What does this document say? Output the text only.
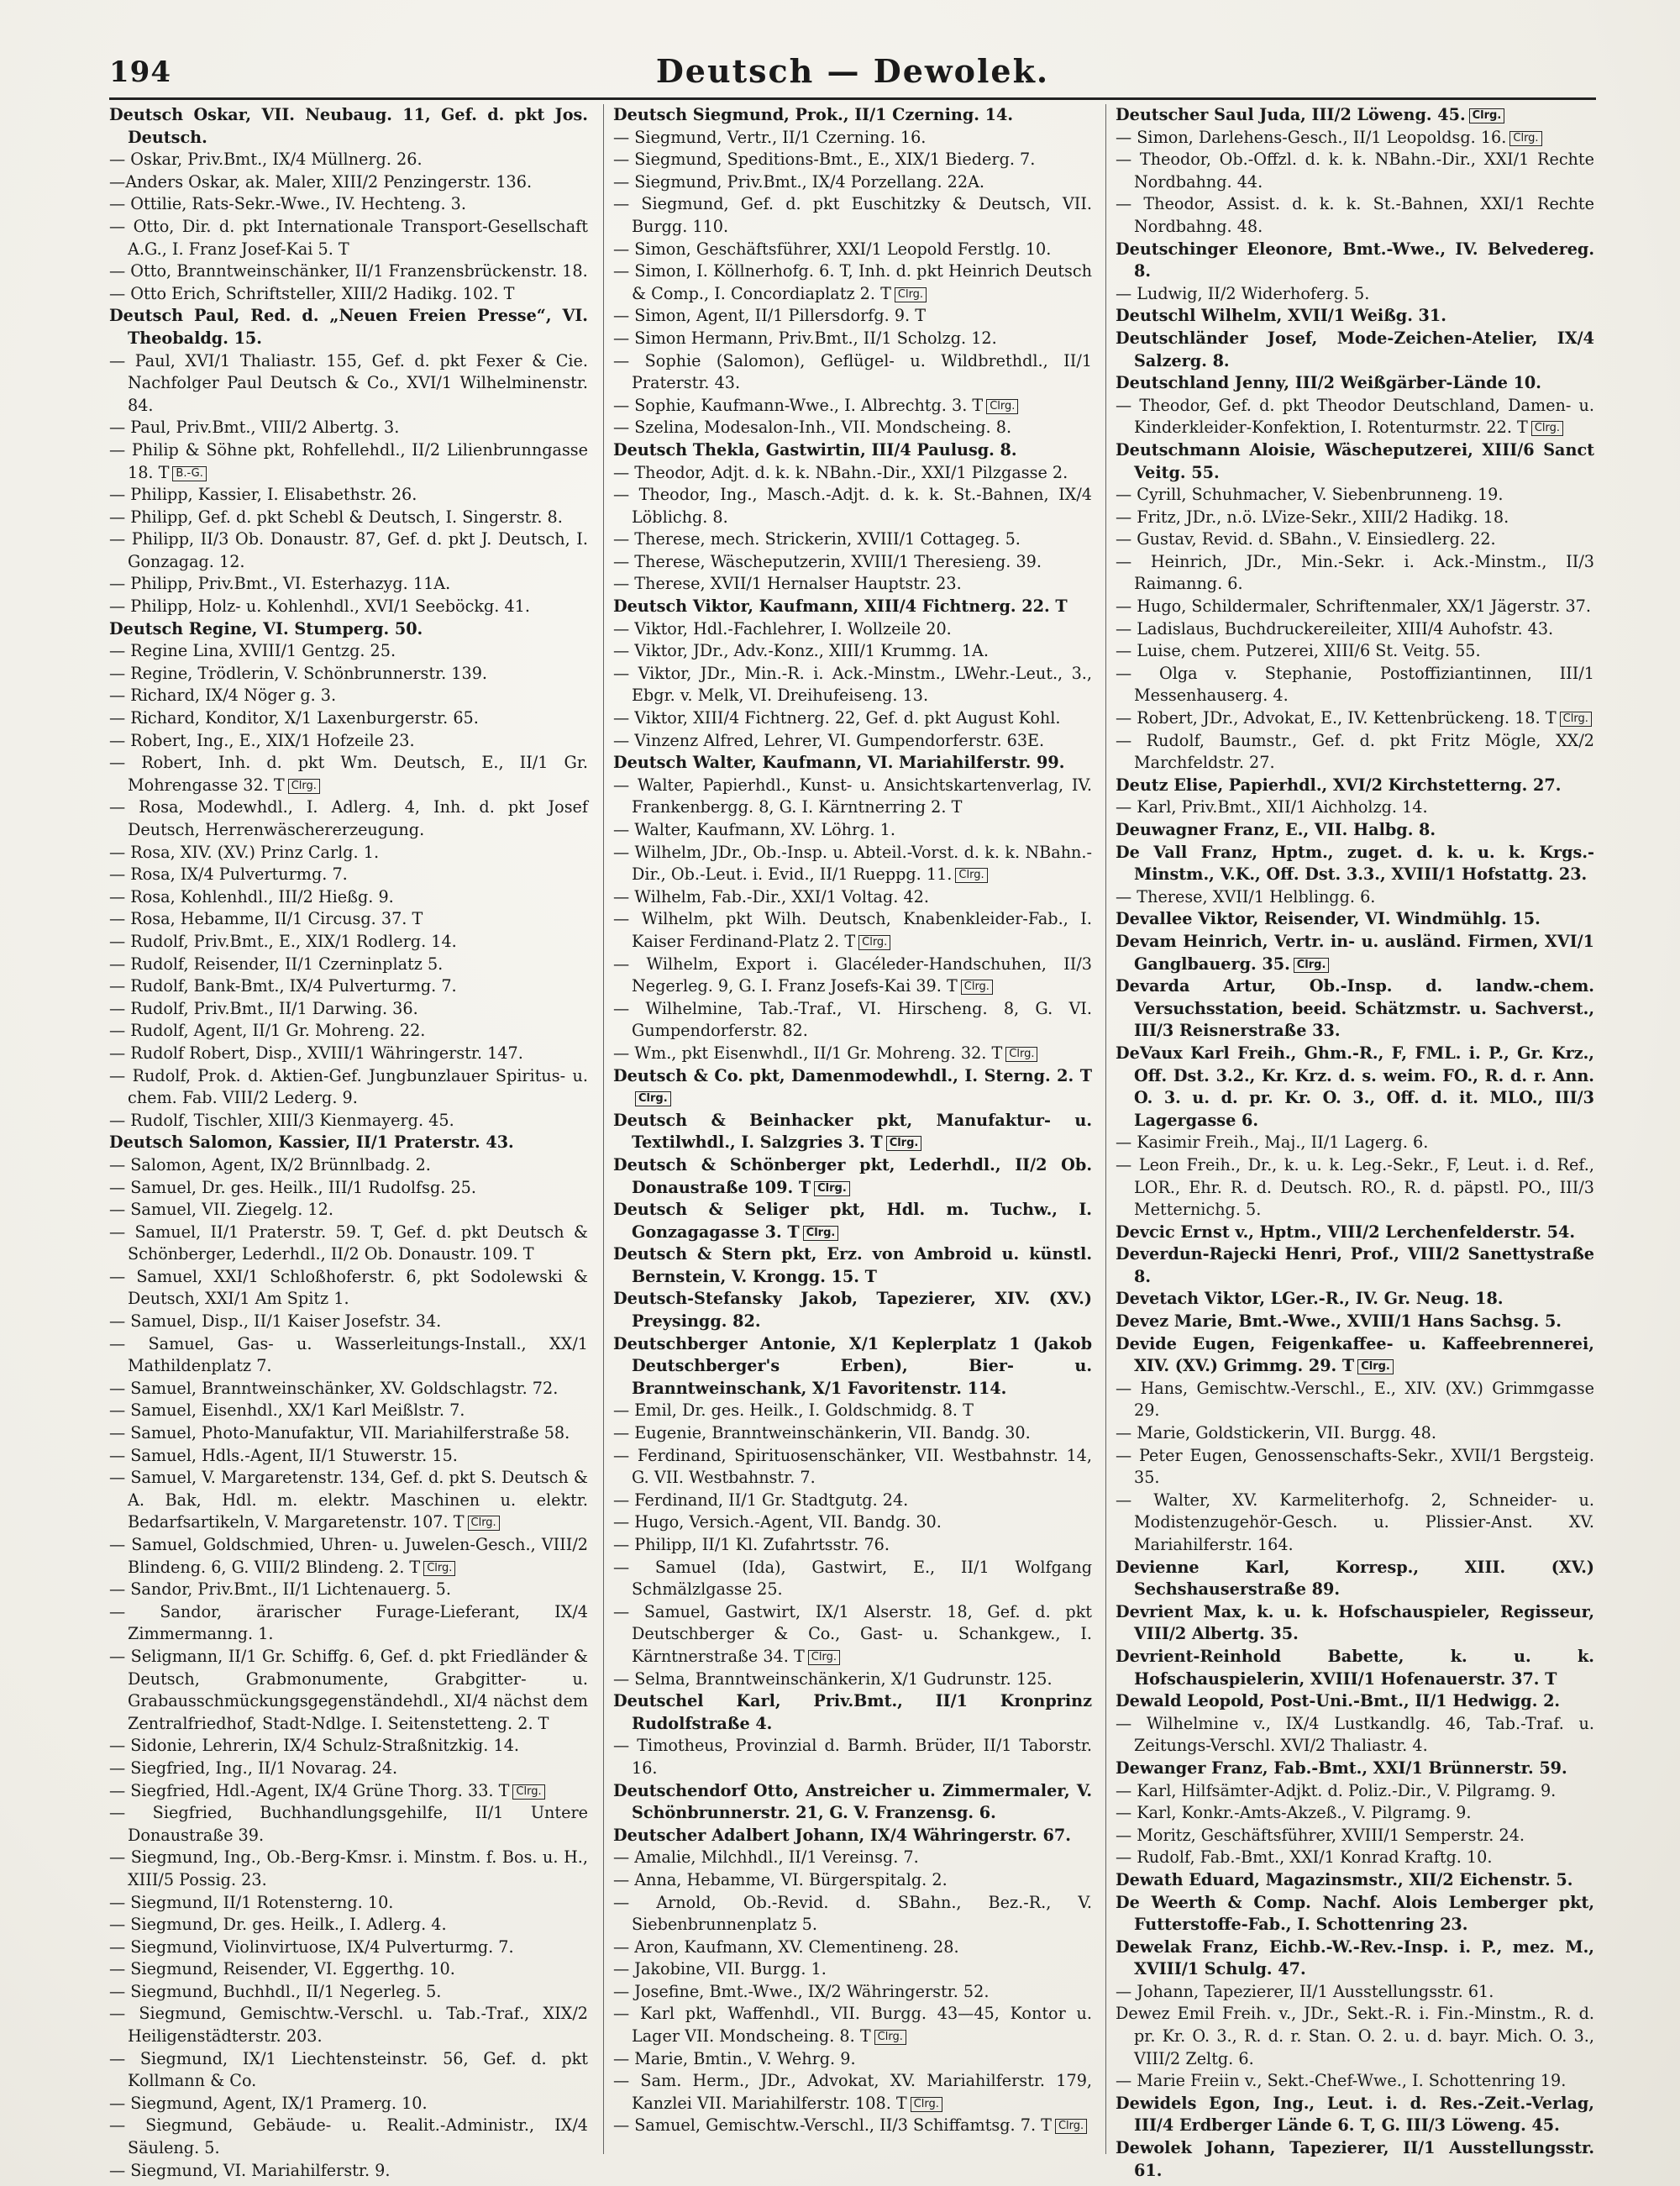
194	Deutsch — Dewolek.

Deutsch Oskar, VII. Neubaug. 11, Gef. d. pkt Jos. Deutsch.

— Oskar, Priv.Bmt., IX/4 Müllnerg. 26.

—Anders Oskar, ak. Maler, XIII/2 Penzingerstr. 136.

— Ottilie, Rats-Sekr.-Wwe., IV. Hechteng. 3.

— Otto, Dir. d. pkt Internationale Transport-Gesellschaft A.G., I. Franz Josef-Kai 5. T

— Otto, Branntweinschänker, II/1 Franzensbrückenstr. 18.

— Otto Erich, Schriftsteller, XIII/2 Hadikg. 102. T

Deutsch Paul, Red. d. „Neuen Freien Presse“, VI. Theobaldg. 15.

— Paul, XVI/1 Thaliastr. 155, Gef. d. pkt Fexer & Cie. Nachfolger Paul Deutsch & Co., XVI/1 Wilhelminenstr. 84.

— Paul, Priv.Bmt., VIII/2 Albertg. 3.

— Philip & Söhne pkt, Rohfellehdl., II/2 Lilienbrunngasse 18. T B.-G.

— Philipp, Kassier, I. Elisabethstr. 26.

— Philipp, Gef. d. pkt Schebl & Deutsch, I. Singerstr. 8.

— Philipp, II/3 Ob. Donaustr. 87, Gef. d. pkt J. Deutsch, I. Gonzagag. 12.

— Philipp, Priv.Bmt., VI. Esterhazyg. 11A.

— Philipp, Holz- u. Kohlenhdl., XVI/1 Seeböckg. 41.

Deutsch Regine, VI. Stumperg. 50.

— Regine Lina, XVIII/1 Gentzg. 25.

— Regine, Trödlerin, V. Schönbrunnerstr. 139.

— Richard, IX/4 Nöger g. 3.

— Richard, Konditor, X/1 Laxenburgerstr. 65.

— Robert, Ing., E., XIX/1 Hofzeile 23.

— Robert, Inh. d. pkt Wm. Deutsch, E., II/1 Gr. Mohrengasse 32. T Clrg.

— Rosa, Modewhdl., I. Adlerg. 4, Inh. d. pkt Josef Deutsch, Herrenwäschererzeugung.

— Rosa, XIV. (XV.) Prinz Carlg. 1.

— Rosa, IX/4 Pulverturmg. 7.

— Rosa, Kohlenhdl., III/2 Hießg. 9.

— Rosa, Hebamme, II/1 Circusg. 37. T

— Rudolf, Priv.Bmt., E., XIX/1 Rodlerg. 14.

— Rudolf, Reisender, II/1 Czerninplatz 5.

— Rudolf, Bank-Bmt., IX/4 Pulverturmg. 7.

— Rudolf, Priv.Bmt., II/1 Darwing. 36.

— Rudolf, Agent, II/1 Gr. Mohreng. 22.

— Rudolf Robert, Disp., XVIII/1 Währingerstr. 147.

— Rudolf, Prok. d. Aktien-Gef. Jungbunzlauer Spiritus- u. chem. Fab. VIII/2 Lederg. 9.

— Rudolf, Tischler, XIII/3 Kienmayerg. 45.

Deutsch Salomon, Kassier, II/1 Praterstr. 43.

— Salomon, Agent, IX/2 Brünnlbadg. 2.

— Samuel, Dr. ges. Heilk., III/1 Rudolfsg. 25.

— Samuel, VII. Ziegelg. 12.

— Samuel, II/1 Praterstr. 59. T, Gef. d. pkt Deutsch & Schönberger, Lederhdl., II/2 Ob. Donaustr. 109. T

— Samuel, XXI/1 Schloßhoferstr. 6, pkt Sodolewski & Deutsch, XXI/1 Am Spitz 1.

— Samuel, Disp., II/1 Kaiser Josefstr. 34.

— Samuel, Gas- u. Wasserleitungs-Install., XX/1 Mathildenplatz 7.

— Samuel, Branntweinschänker, XV. Goldschlagstr. 72.

— Samuel, Eisenhdl., XX/1 Karl Meißlstr. 7.

— Samuel, Photo-Manufaktur, VII. Mariahilferstraße 58.

— Samuel, Hdls.-Agent, II/1 Stuwerstr. 15.

— Samuel, V. Margaretenstr. 134, Gef. d. pkt S. Deutsch & A. Bak, Hdl. m. elektr. Maschinen u. elektr. Bedarfsartikeln, V. Margaretenstr. 107. T Clrg.

— Samuel, Goldschmied, Uhren- u. Juwelen-Gesch., VIII/2 Blindeng. 6, G. VIII/2 Blindeng. 2. T Clrg.

— Sandor, Priv.Bmt., II/1 Lichtenauerg. 5.

— Sandor, ärarischer Furage-Lieferant, IX/4 Zimmermanng. 1.

— Seligmann, II/1 Gr. Schiffg. 6, Gef. d. pkt Friedländer & Deutsch, Grabmonumente, Grabgitter- u. Grabausschmückungsgegenständehdl., XI/4 nächst dem Zentralfriedhof, Stadt-Ndlge. I. Seitenstetteng. 2. T

— Sidonie, Lehrerin, IX/4 Schulz-Straßnitzkig. 14.

— Siegfried, Ing., II/1 Novarag. 24.

— Siegfried, Hdl.-Agent, IX/4 Grüne Thorg. 33. T Clrg.

— Siegfried, Buchhandlungsgehilfe, II/1 Untere Donaustraße 39.

— Siegmund, Ing., Ob.-Berg-Kmsr. i. Minstm. f. Bos. u. H., XIII/5 Possig. 23.

— Siegmund, II/1 Rotensterng. 10.

— Siegmund, Dr. ges. Heilk., I. Adlerg. 4.

— Siegmund, Violinvirtuose, IX/4 Pulverturmg. 7.

— Siegmund, Reisender, VI. Eggerthg. 10.

— Siegmund, Buchhdl., II/1 Negerleg. 5.

— Siegmund, Gemischtw.-Verschl. u. Tab.-Traf., XIX/2 Heiligenstädterstr. 203.

— Siegmund, IX/1 Liechtensteinstr. 56, Gef. d. pkt Kollmann & Co.

— Siegmund, Agent, IX/1 Pramerg. 10.

— Siegmund, Gebäude- u. Realit.-Administr., IX/4 Säuleng. 5.

— Siegmund, VI. Mariahilferstr. 9.

Deutsch Siegmund, Prok., II/1 Czerning. 14.

— Siegmund, Vertr., II/1 Czerning. 16.

— Siegmund, Speditions-Bmt., E., XIX/1 Biederg. 7.

— Siegmund, Priv.Bmt., IX/4 Porzellang. 22A.

— Siegmund, Gef. d. pkt Euschitzky & Deutsch, VII. Burgg. 110.

— Simon, Geschäftsführer, XXI/1 Leopold Ferstlg. 10.

— Simon, I. Köllnerhofg. 6. T, Inh. d. pkt Heinrich Deutsch & Comp., I. Concordiaplatz 2. T Clrg.

— Simon, Agent, II/1 Pillersdorfg. 9. T

— Simon Hermann, Priv.Bmt., II/1 Scholzg. 12.

— Sophie (Salomon), Geflügel- u. Wildbrethdl., II/1 Praterstr. 43.

— Sophie, Kaufmann-Wwe., I. Albrechtg. 3. T Clrg.

— Szelina, Modesalon-Inh., VII. Mondscheing. 8.

Deutsch Thekla, Gastwirtin, III/4 Paulusg. 8.

— Theodor, Adjt. d. k. k. NBahn.-Dir., XXI/1 Pilzgasse 2.

— Theodor, Ing., Masch.-Adjt. d. k. k. St.-Bahnen, IX/4 Löblichg. 8.

— Therese, mech. Strickerin, XVIII/1 Cottageg. 5.

— Therese, Wäscheputzerin, XVIII/1 Theresieng. 39.

— Therese, XVII/1 Hernalser Hauptstr. 23.

Deutsch Viktor, Kaufmann, XIII/4 Fichtnerg. 22. T

— Viktor, Hdl.-Fachlehrer, I. Wollzeile 20.

— Viktor, JDr., Adv.-Konz., XIII/1 Krummg. 1A.

— Viktor, JDr., Min.-R. i. Ack.-Minstm., LWehr.-Leut., 3., Ebgr. v. Melk, VI. Dreihufeiseng. 13.

— Viktor, XIII/4 Fichtnerg. 22, Gef. d. pkt August Kohl.

— Vinzenz Alfred, Lehrer, VI. Gumpendorferstr. 63E.

Deutsch Walter, Kaufmann, VI. Mariahilferstr. 99.

— Walter, Papierhdl., Kunst- u. Ansichtskartenverlag, IV. Frankenbergg. 8, G. I. Kärntnerring 2. T

— Walter, Kaufmann, XV. Löhrg. 1.

— Wilhelm, JDr., Ob.-Insp. u. Abteil.-Vorst. d. k. k. NBahn.-Dir., Ob.-Leut. i. Evid., II/1 Rueppg. 11. Clrg.

— Wilhelm, Fab.-Dir., XXI/1 Voltag. 42.

— Wilhelm, pkt Wilh. Deutsch, Knabenkleider-Fab., I. Kaiser Ferdinand-Platz 2. T Clrg.

— Wilhelm, Export i. Glacéleder-Handschuhen, II/3 Negerleg. 9, G. I. Franz Josefs-Kai 39. T Clrg.

— Wilhelmine, Tab.-Traf., VI. Hirscheng. 8, G. VI. Gumpendorferstr. 82.

— Wm., pkt Eisenwhdl., II/1 Gr. Mohreng. 32. T Clrg.

Deutsch & Co. pkt, Damenmodewhdl., I. Sterng. 2. TClrg.

Deutsch & Beinhacker pkt, Manufaktur- u. Textilwhdl., I. Salzgries 3. T Clrg.

Deutsch & Schönberger pkt, Lederhdl., II/2 Ob. Donaustraße 109. T Clrg.

Deutsch & Seliger pkt, Hdl. m. Tuchw., I. Gonzagagasse 3. T Clrg.

Deutsch & Stern pkt, Erz. von Ambroid u. künstl. Bernstein, V. Krongg. 15. T

Deutsch-Stefansky Jakob, Tapezierer, XIV. (XV.) Preysingg. 82.

Deutschberger Antonie, X/1 Keplerplatz 1 (Jakob Deutschberger's Erben), Bier- u. Branntweinschank, X/1 Favoritenstr. 114.

— Emil, Dr. ges. Heilk., I. Goldschmidg. 8. T

— Eugenie, Branntweinschänkerin, VII. Bandg. 30.

— Ferdinand, Spirituosenschänker, VII. Westbahnstr. 14, G. VII. Westbahnstr. 7.

— Ferdinand, II/1 Gr. Stadtgutg. 24.

— Hugo, Versich.-Agent, VII. Bandg. 30.

— Philipp, II/1 Kl. Zufahrtsstr. 76.

— Samuel (Ida), Gastwirt, E., II/1 Wolfgang Schmälzlgasse 25.

— Samuel, Gastwirt, IX/1 Alserstr. 18, Gef. d. pkt Deutschberger & Co., Gast- u. Schankgew., I. Kärntnerstraße 34. T Clrg.

— Selma, Branntweinschänkerin, X/1 Gudrunstr. 125.

Deutschel Karl, Priv.Bmt., II/1 Kronprinz Rudolfstraße 4.

— Timotheus, Provinzial d. Barmh. Brüder, II/1 Taborstr. 16.

Deutschendorf Otto, Anstreicher u. Zimmermaler, V. Schönbrunnerstr. 21, G. V. Franzensg. 6.

Deutscher Adalbert Johann, IX/4 Währingerstr. 67.

— Amalie, Milchhdl., II/1 Vereinsg. 7.

— Anna, Hebamme, VI. Bürgerspitalg. 2.

— Arnold, Ob.-Revid. d. SBahn., Bez.-R., V. Siebenbrunnenplatz 5.

— Aron, Kaufmann, XV. Clementineng. 28.

— Jakobine, VII. Burgg. 1.

— Josefine, Bmt.-Wwe., IX/2 Währingerstr. 52.

— Karl pkt, Waffenhdl., VII. Burgg. 43—45, Kontor u. Lager VII. Mondscheing. 8. T Clrg.

— Marie, Bmtin., V. Wehrg. 9.

— Sam. Herm., JDr., Advokat, XV. Mariahilferstr. 179, Kanzlei VII. Mariahilferstr. 108. T Clrg.

— Samuel, Gemischtw.-Verschl., II/3 Schiffamtsg. 7. T Clrg.

Deutscher Saul Juda, III/2 Löweng. 45. Clrg.

— Simon, Darlehens-Gesch., II/1 Leopoldsg. 16. Clrg.

— Theodor, Ob.-Offzl. d. k. k. NBahn.-Dir., XXI/1 Rechte Nordbahng. 44.

— Theodor, Assist. d. k. k. St.-Bahnen, XXI/1 Rechte Nordbahng. 48.

Deutschinger Eleonore, Bmt.-Wwe., IV. Belvedereg. 8.

— Ludwig, II/2 Widerhoferg. 5.

Deutschl Wilhelm, XVII/1 Weißg. 31.

Deutschländer Josef, Mode-Zeichen-Atelier, IX/4 Salzerg. 8.

Deutschland Jenny, III/2 Weißgärber-Lände 10.

— Theodor, Gef. d. pkt Theodor Deutschland, Damen- u. Kinderkleider-Konfektion, I. Rotenturmstr. 22. T Clrg.

Deutschmann Aloisie, Wäscheputzerei, XIII/6 Sanct Veitg. 55.

— Cyrill, Schuhmacher, V. Siebenbrunneng. 19.

— Fritz, JDr., n.ö. LVize-Sekr., XIII/2 Hadikg. 18.

— Gustav, Revid. d. SBahn., V. Einsiedlerg. 22.

— Heinrich, JDr., Min.-Sekr. i. Ack.-Minstm., II/3 Raimanng. 6.

— Hugo, Schildermaler, Schriftenmaler, XX/1 Jägerstr. 37.

— Ladislaus, Buchdruckereileiter, XIII/4 Auhofstr. 43.

— Luise, chem. Putzerei, XIII/6 St. Veitg. 55.

— Olga v. Stephanie, Postoffiziantinnen, III/1 Messenhauserg. 4.

— Robert, JDr., Advokat, E., IV. Kettenbrückeng. 18. T Clrg.

— Rudolf, Baumstr., Gef. d. pkt Fritz Mögle, XX/2 Marchfeldstr. 27.

Deutz Elise, Papierhdl., XVI/2 Kirchstetterng. 27.

— Karl, Priv.Bmt., XII/1 Aichholzg. 14.

Deuwagner Franz, E., VII. Halbg. 8.

De Vall Franz, Hptm., zuget. d. k. u. k. Krgs.-Minstm., V.K., Off. Dst. 3.3., XVIII/1 Hofstattg. 23.

— Therese, XVII/1 Helblingg. 6.

Devallee Viktor, Reisender, VI. Windmühlg. 15.

Devam Heinrich, Vertr. in- u. ausländ. Firmen, XVI/1 Ganglbauerg. 35. Clrg.

Devarda Artur, Ob.-Insp. d. landw.-chem. Versuchsstation, beeid. Schätzmstr. u. Sachverst., III/3 Reisnerstraße 33.

DeVaux Karl Freih., Ghm.-R., F, FML. i. P., Gr. Krz., Off. Dst. 3.2., Kr. Krz. d. s. weim. FO., R. d. r. Ann. O. 3. u. d. pr. Kr. O. 3., Off. d. it. MLO., III/3 Lagergasse 6.

— Kasimir Freih., Maj., II/1 Lagerg. 6.

— Leon Freih., Dr., k. u. k. Leg.-Sekr., F, Leut. i. d. Ref., LOR., Ehr. R. d. Deutsch. RO., R. d. päpstl. PO., III/3 Metternichg. 5.

Devcic Ernst v., Hptm., VIII/2 Lerchenfelderstr. 54.

Deverdun-Rajecki Henri, Prof., VIII/2 Sanettystraße 8.

Devetach Viktor, LGer.-R., IV. Gr. Neug. 18.

Devez Marie, Bmt.-Wwe., XVIII/1 Hans Sachsg. 5.

Devide Eugen, Feigenkaffee- u. Kaffeebrennerei, XIV. (XV.) Grimmg. 29. T Clrg.

— Hans, Gemischtw.-Verschl., E., XIV. (XV.) Grimmgasse 29.

— Marie, Goldstickerin, VII. Burgg. 48.

— Peter Eugen, Genossenschafts-Sekr., XVII/1 Bergsteig. 35.

— Walter, XV. Karmeliterhofg. 2, Schneider- u. Modistenzugehör-Gesch. u. Plissier-Anst. XV. Mariahilferstr. 164.

Devienne Karl, Korresp., XIII. (XV.) Sechshauserstraße 89.

Devrient Max, k. u. k. Hofschauspieler, Regisseur, VIII/2 Albertg. 35.

Devrient-Reinhold Babette, k. u. k. Hofschauspielerin, XVIII/1 Hofenauerstr. 37. T

Dewald Leopold, Post-Uni.-Bmt., II/1 Hedwigg. 2.

— Wilhelmine v., IX/4 Lustkandlg. 46, Tab.-Traf. u. Zeitungs-Verschl. XVI/2 Thaliastr. 4.

Dewanger Franz, Fab.-Bmt., XXI/1 Brünnerstr. 59.

— Karl, Hilfsämter-Adjkt. d. Poliz.-Dir., V. Pilgramg. 9.

— Karl, Konkr.-Amts-Akzeß., V. Pilgramg. 9.

— Moritz, Geschäftsführer, XVIII/1 Semperstr. 24.

— Rudolf, Fab.-Bmt., XXI/1 Konrad Kraftg. 10.

Dewath Eduard, Magazinsmstr., XII/2 Eichenstr. 5.

De Weerth & Comp. Nachf. Alois Lemberger pkt, Futterstoffe-Fab., I. Schottenring 23.

Dewelak Franz, Eichb.-W.-Rev.-Insp. i. P., mez. M., XVIII/1 Schulg. 47.

— Johann, Tapezierer, II/1 Ausstellungsstr. 61.

Dewez Emil Freih. v., JDr., Sekt.-R. i. Fin.-Minstm., R. d. pr. Kr. O. 3., R. d. r. Stan. O. 2. u. d. bayr. Mich. O. 3., VIII/2 Zeltg. 6.

— Marie Freiin v., Sekt.-Chef-Wwe., I. Schottenring 19.

Dewidels Egon, Ing., Leut. i. d. Res.-Zeit.-Verlag, III/4 Erdberger Lände 6. T, G. III/3 Löweng. 45.

Dewolek Johann, Tapezierer, II/1 Ausstellungsstr. 61.
